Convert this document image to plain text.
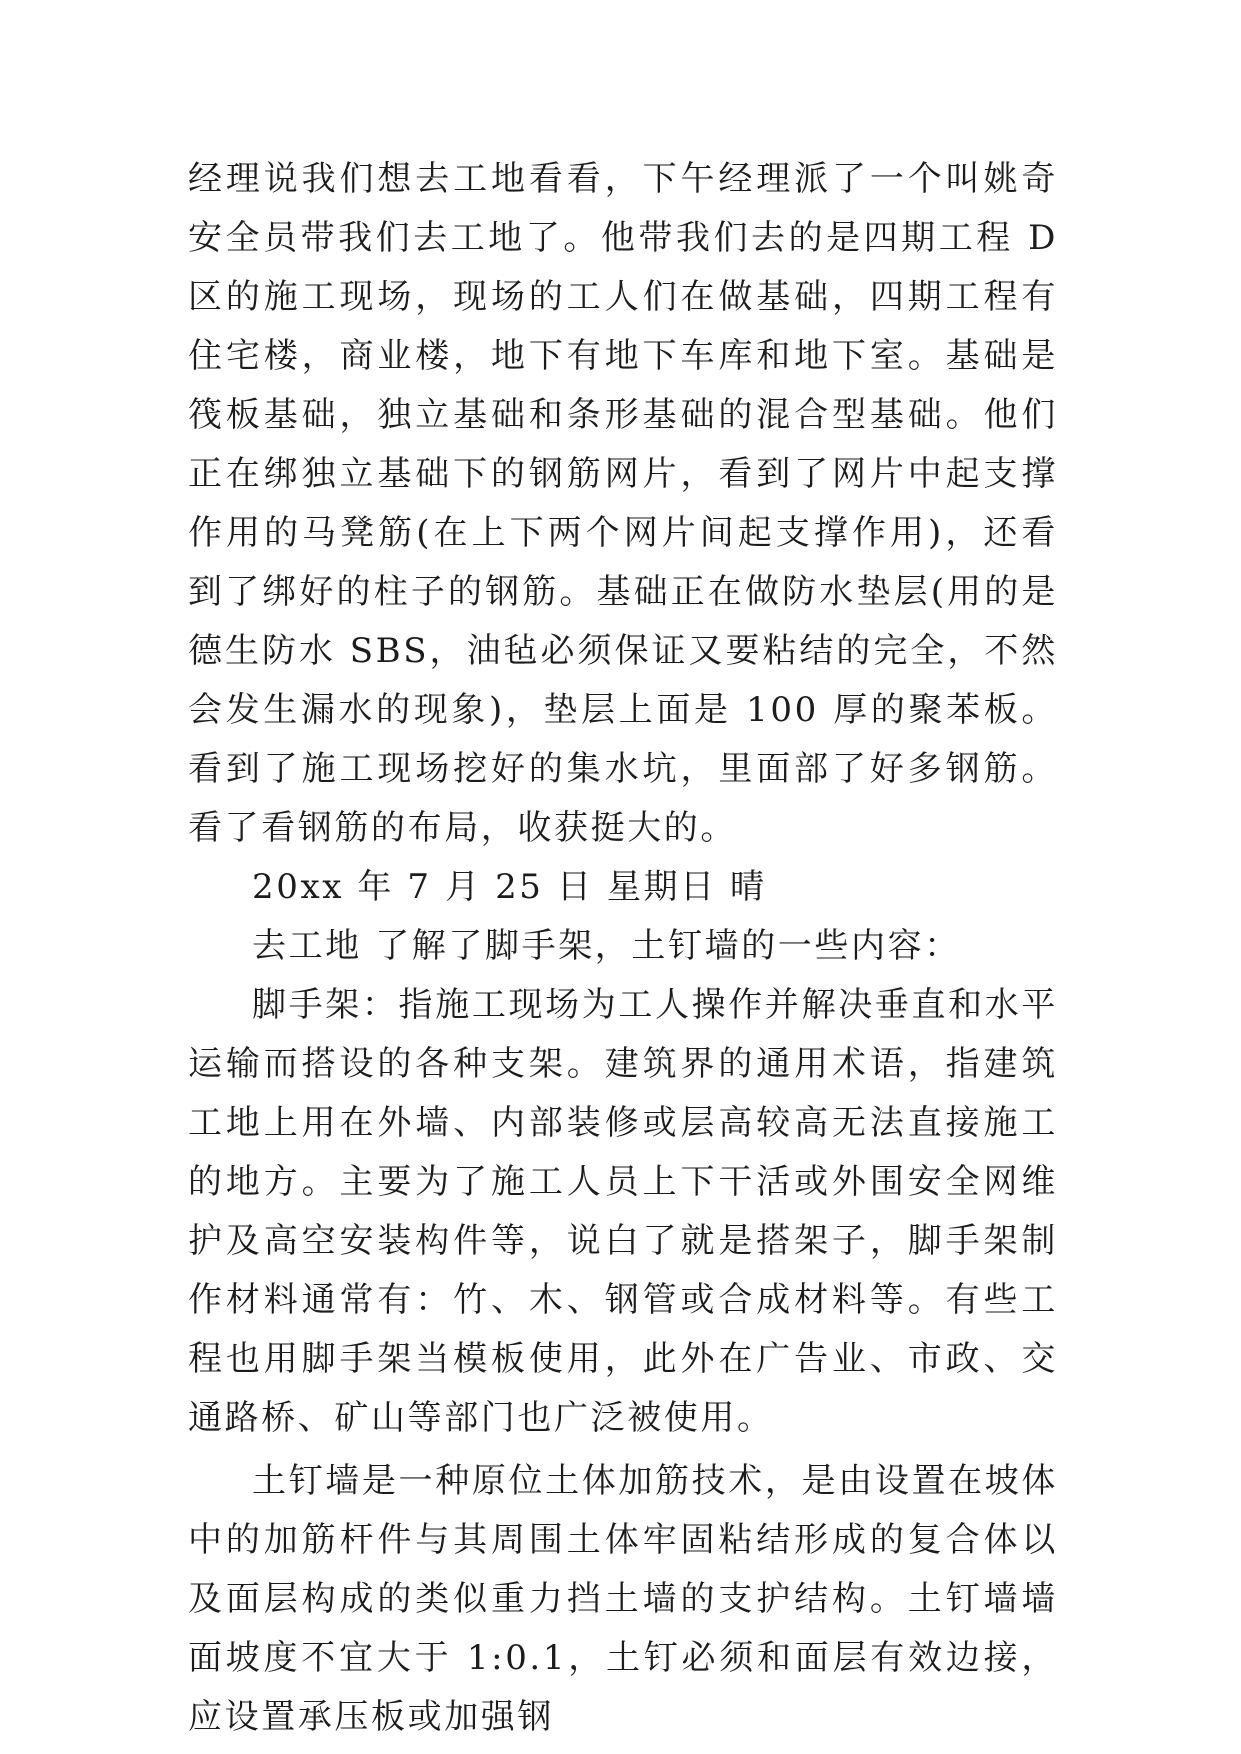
经理说我们想去工地看看，下午经理派了一个叫姚奇安全员带我们去工地了。他带我们去的是四期工程 D 区的施工现场，现场的工人们在做基础，四期工程有住宅楼，商业楼，地下有地下车库和地下室。基础是筏板基础，独立基础和条形基础的混合型基础。他们正在绑独立基础下的钢筋网片，看到了网片中起支撑作用的马凳筋(在上下两个网片间起支撑作用)，还看到了绑好的柱子的钢筋。基础正在做防水垫层(用的是德生防水 SBS，油毡必须保证又要粘结的完全，不然会发生漏水的现象)，垫层上面是 100 厚的聚苯板。看到了施工现场挖好的集水坑，里面部了好多钢筋。看了看钢筋的布局，收获挺大的。

20xx 年 7 月 25 日 星期日 晴

去工地 了解了脚手架，土钉墙的一些内容：

脚手架：指施工现场为工人操作并解决垂直和水平运输而搭设的各种支架。建筑界的通用术语，指建筑工地上用在外墙、内部装修或层高较高无法直接施工的地方。主要为了施工人员上下干活或外围安全网维护及高空安装构件等，说白了就是搭架子，脚手架制作材料通常有：竹、木、钢管或合成材料等。有些工程也用脚手架当模板使用，此外在广告业、市政、交通路桥、矿山等部门也广泛被使用。

土钉墙是一种原位土体加筋技术，是由设置在坡体中的加筋杆件与其周围土体牢固粘结形成的复合体以及面层构成的类似重力挡土墙的支护结构。土钉墙墙面坡度不宜大于 1:0.1，土钉必须和面层有效边接，应设置承压板或加强钢
